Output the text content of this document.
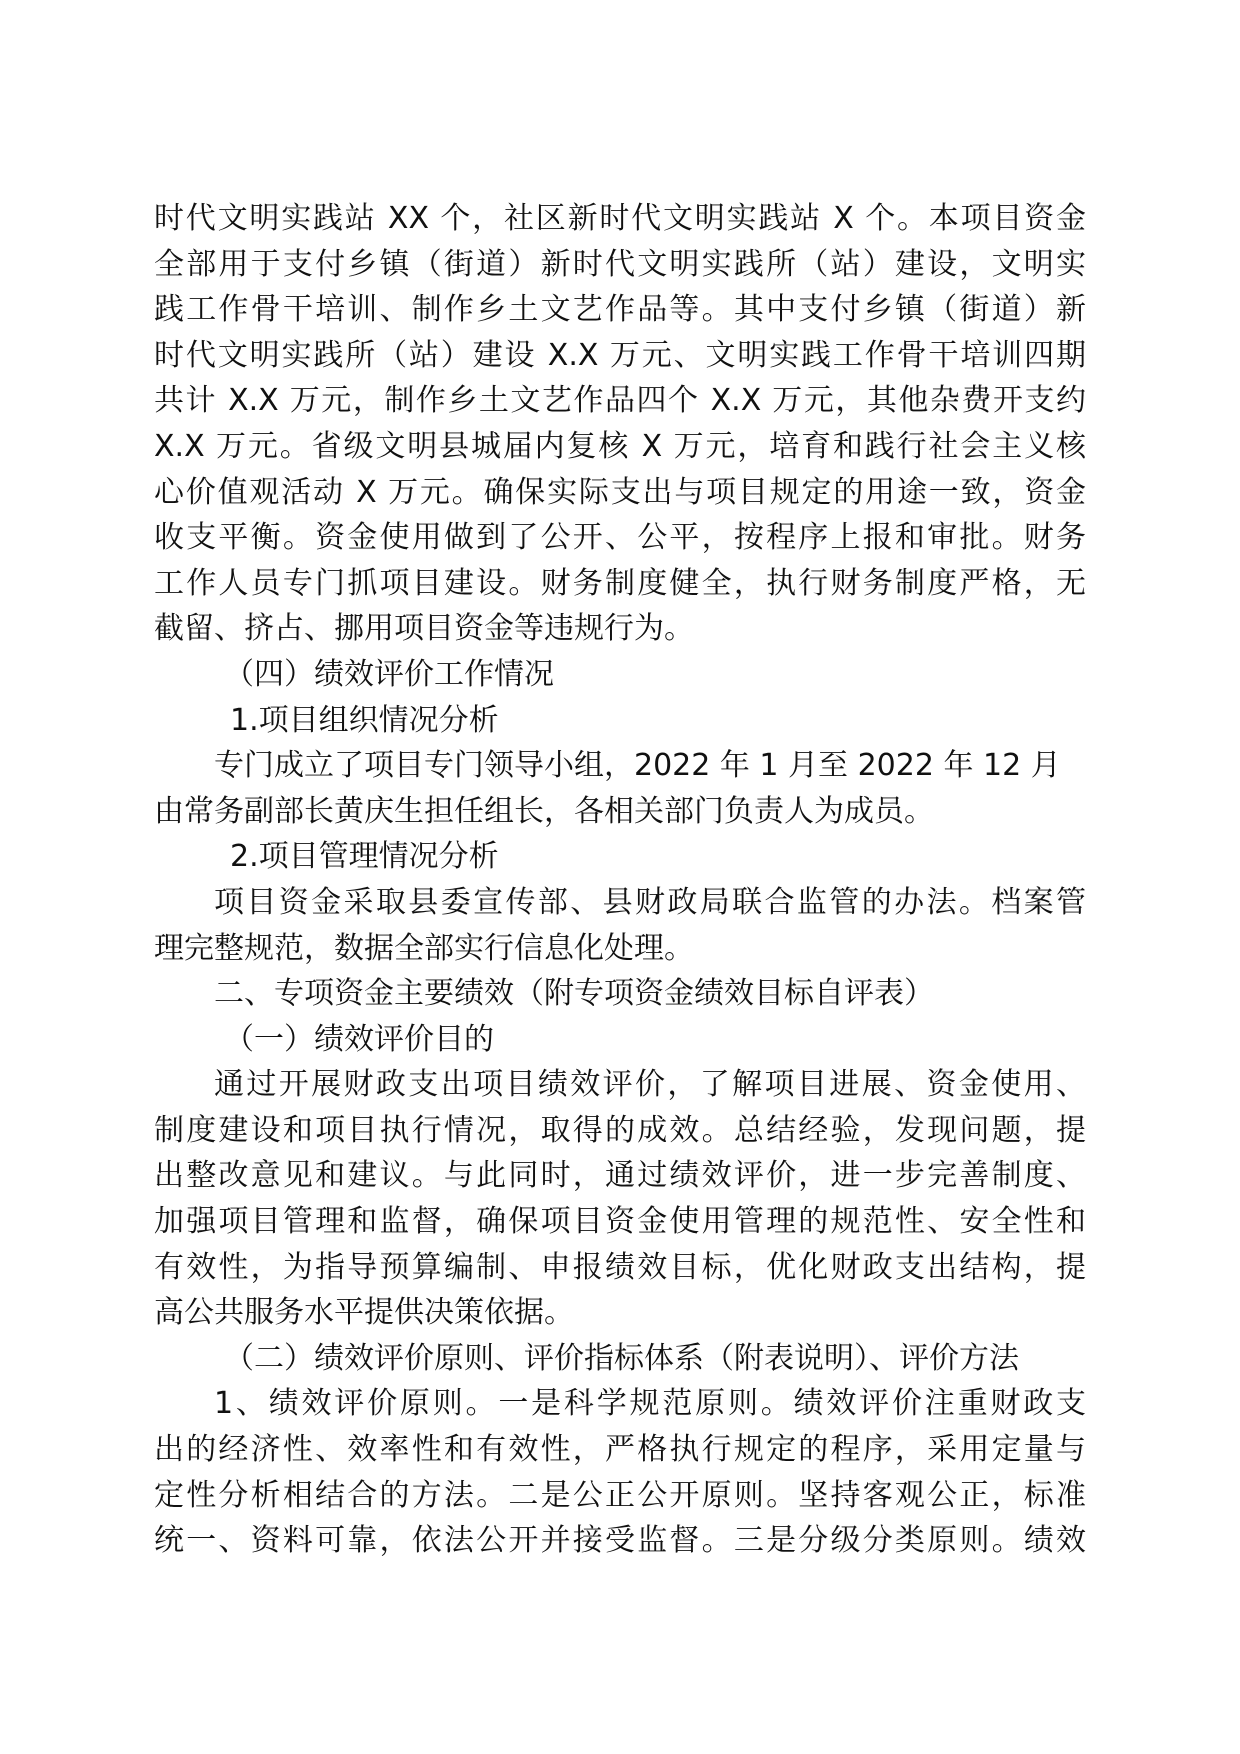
时代文明实践站 XX 个，社区新时代文明实践站 X 个。本项目资金

全部用于支付乡镇（街道）新时代文明实践所（站）建设，文明实

践工作骨干培训、制作乡土文艺作品等。其中支付乡镇（街道）新

时代文明实践所（站）建设 X.X 万元、文明实践工作骨干培训四期

共计 X.X 万元，制作乡土文艺作品四个 X.X 万元，其他杂费开支约

X.X 万元。省级文明县城届内复核 X 万元，培育和践行社会主义核

心价值观活动 X 万元。确保实际支出与项目规定的用途一致，资金

收支平衡。资金使用做到了公开、公平，按程序上报和审批。财务

工作人员专门抓项目建设。财务制度健全，执行财务制度严格，无

截留、挤占、挪用项目资金等违规行为。

（四）绩效评价工作情况

1.项目组织情况分析

专门成立了项目专门领导小组，2022 年 1 月至 2022 年 12 月

由常务副部长黄庆生担任组长，各相关部门负责人为成员。

2.项目管理情况分析

项目资金采取县委宣传部、县财政局联合监管的办法。档案管

理完整规范，数据全部实行信息化处理。

二、专项资金主要绩效（附专项资金绩效目标自评表）

（一）绩效评价目的

通过开展财政支出项目绩效评价，了解项目进展、资金使用、

制度建设和项目执行情况，取得的成效。总结经验，发现问题，提

出整改意见和建议。与此同时，通过绩效评价，进一步完善制度、

加强项目管理和监督，确保项目资金使用管理的规范性、安全性和

有效性，为指导预算编制、申报绩效目标，优化财政支出结构，提

高公共服务水平提供决策依据。

（二）绩效评价原则、评价指标体系（附表说明）、评价方法

1、绩效评价原则。一是科学规范原则。绩效评价注重财政支

出的经济性、效率性和有效性，严格执行规定的程序，采用定量与

定性分析相结合的方法。二是公正公开原则。坚持客观公正，标准

统一、资料可靠，依法公开并接受监督。三是分级分类原则。绩效
